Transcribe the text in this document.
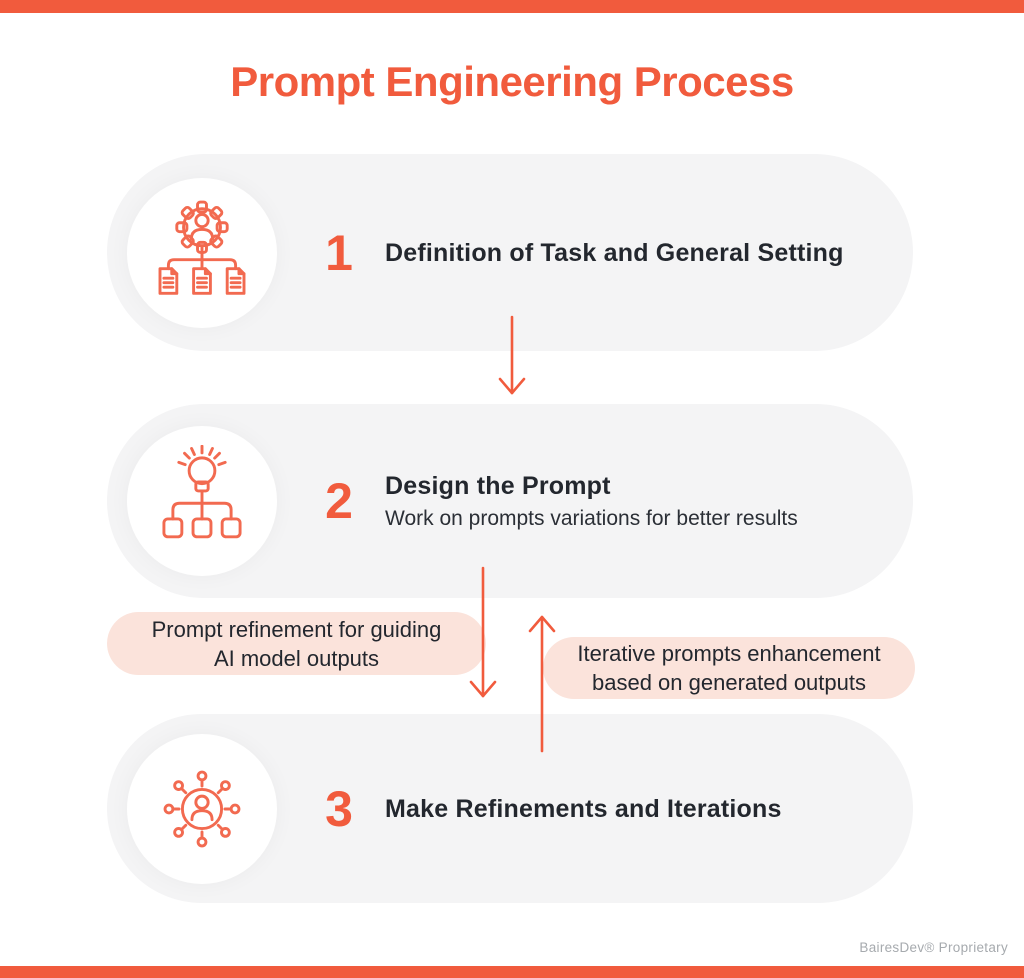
Prompt Engineering Process
1 Definition of Task and General Setting
2 Design the Prompt
Work on prompts variations for better results
Prompt refinement for guiding
AI model outputs	Iterative prompts enhancement
based on generated outputs
3 Make Refinements and Iterations
BairesDev® Proprietary
